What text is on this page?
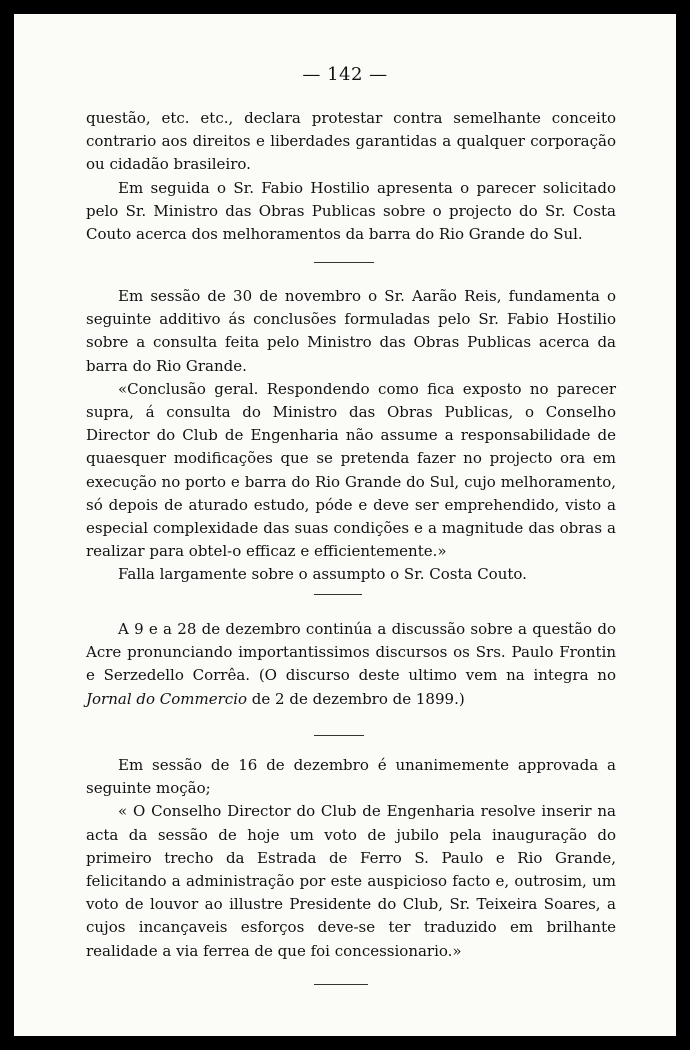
— 142 —

questão, etc. etc., declara protestar contra semelhante conceito contrario aos direitos e liberdades garantidas a qualquer corporação ou cidadão brasileiro.

Em seguida o Sr. Fabio Hostilio apresenta o parecer solicitado pelo Sr. Ministro das Obras Publicas sobre o projecto do Sr. Costa Couto acerca dos melhoramentos da barra do Rio Grande do Sul.

Em sessão de 30 de novembro o Sr. Aarão Reis, fundamenta o seguinte additivo ás conclusões formuladas pelo Sr. Fabio Hostilio sobre a consulta feita pelo Ministro das Obras Publicas acerca da barra do Rio Grande.

«Conclusão geral. Respondendo como fica exposto no parecer supra, á consulta do Ministro das Obras Publicas, o Conselho Director do Club de Engenharia não assume a responsabilidade de quaesquer modificações que se pretenda fazer no projecto ora em execução no porto e barra do Rio Grande do Sul, cujo melhoramento, só depois de aturado estudo, póde e deve ser emprehendido, visto a especial complexidade das suas condições e a magnitude das obras a realizar para obtel-o efficaz e efficientemente.»

Falla largamente sobre o assumpto o Sr. Costa Couto.

A 9 e a 28 de dezembro continúa a discussão sobre a questão do Acre pronunciando importantissimos discursos os Srs. Paulo Frontin e Serzedello Corrêa. (O discurso deste ultimo vem na integra no Jornal do Commercio de 2 de dezembro de 1899.)

Em sessão de 16 de dezembro é unanimemente approvada a seguinte moção;

« O Conselho Director do Club de Engenharia resolve inserir na acta da sessão de hoje um voto de jubilo pela inauguração do primeiro trecho da Estrada de Ferro S. Paulo e Rio Grande, felicitando a administração por este auspicioso facto e, outrosim, um voto de louvor ao illustre Presidente do Club, Sr. Teixeira Soares, a cujos incançaveis esforços deve-se ter traduzido em brilhante realidade a via ferrea de que foi concessionario.»
